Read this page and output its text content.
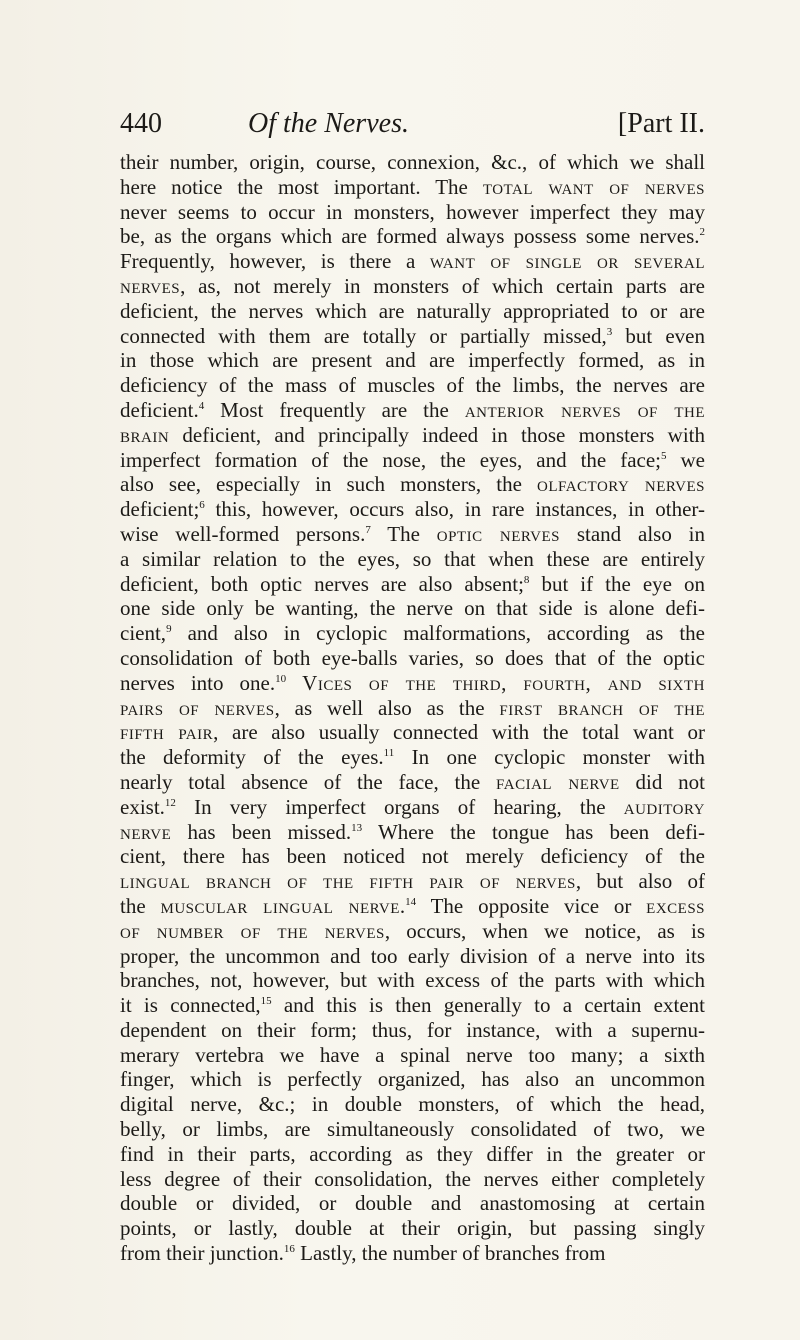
440	Of the Nerves.	[Part II.
their number, origin, course, connexion, &c., of which we shall
here notice the most important. The total want of nerves
never seems to occur in monsters, however imperfect they may
be, as the organs which are formed always possess some nerves.$^2$
Frequently, however, is there a want of single or several
nerves, as, not merely in monsters of which certain parts are
deficient, the nerves which are naturally appropriated to or are
connected with them are totally or partially missed,$^3$ but even
in those which are present and are imperfectly formed, as in
deficiency of the mass of muscles of the limbs, the nerves are
deficient.$^4$ Most frequently are the anterior nerves of the
brain deficient, and principally indeed in those monsters with
imperfect formation of the nose, the eyes, and the face;$^5$ we
also see, especially in such monsters, the olfactory nerves
deficient;$^6$ this, however, occurs also, in rare instances, in other-
wise well-formed persons.$^7$ The optic nerves stand also in
a similar relation to the eyes, so that when these are entirely
deficient, both optic nerves are also absent;$^8$ but if the eye on
one side only be wanting, the nerve on that side is alone defi-
cient,$^9$ and also in cyclopic malformations, according as the
consolidation of both eye-balls varies, so does that of the optic
nerves into one.$^{10}$ Vices of the third, fourth, and sixth
pairs of nerves, as well also as the first branch of the
fifth pair, are also usually connected with the total want or
the deformity of the eyes.$^{11}$ In one cyclopic monster with
nearly total absence of the face, the facial nerve did not
exist.$^{12}$ In very imperfect organs of hearing, the auditory
nerve has been missed.$^{13}$ Where the tongue has been defi-
cient, there has been noticed not merely deficiency of the
lingual branch of the fifth pair of nerves, but also of
the muscular lingual nerve.$^{14}$ The opposite vice or excess
of number of the nerves, occurs, when we notice, as is
proper, the uncommon and too early division of a nerve into its
branches, not, however, but with excess of the parts with which
it is connected,$^{15}$ and this is then generally to a certain extent
dependent on their form; thus, for instance, with a supernu-
merary vertebra we have a spinal nerve too many; a sixth
finger, which is perfectly organized, has also an uncommon
digital nerve, &c.; in double monsters, of which the head,
belly, or limbs, are simultaneously consolidated of two, we
find in their parts, according as they differ in the greater or
less degree of their consolidation, the nerves either completely
double or divided, or double and anastomosing at certain
points, or lastly, double at their origin, but passing singly
from their junction.$^{16}$ Lastly, the number of branches from
